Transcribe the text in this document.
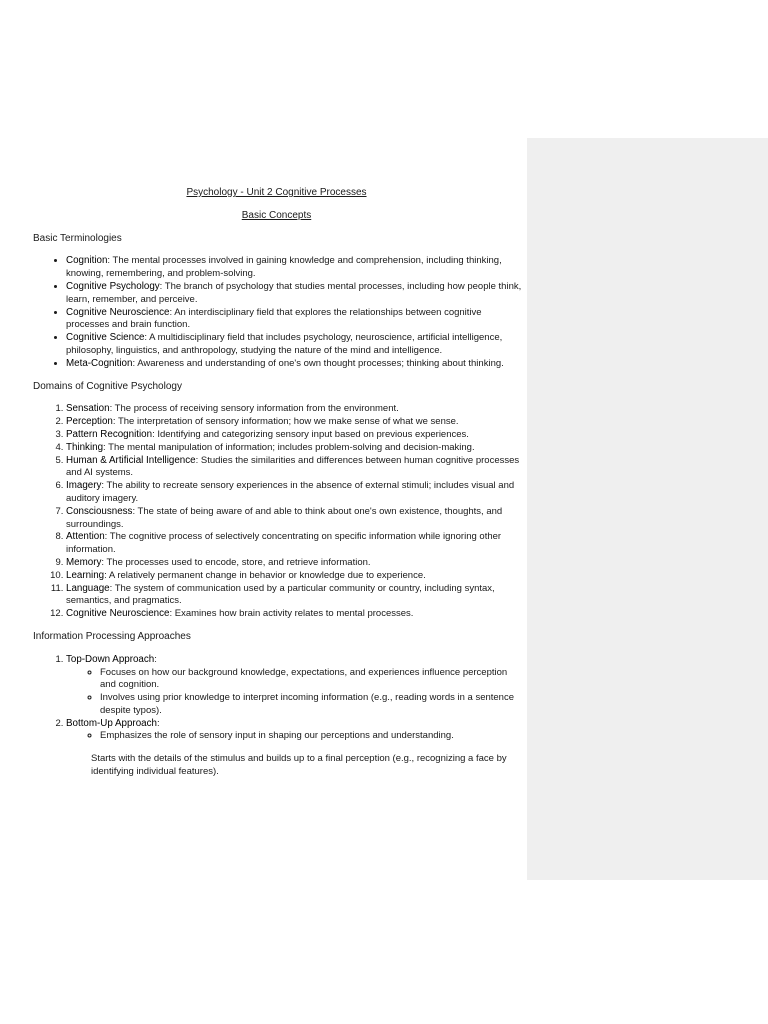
Psychology - Unit 2 Cognitive Processes
Basic Concepts
Basic Terminologies
• Cognition: The mental processes involved in gaining knowledge and comprehension, including thinking, knowing, remembering, and problem-solving.
• Cognitive Psychology: The branch of psychology that studies mental processes, including how people think, learn, remember, and perceive.
• Cognitive Neuroscience: An interdisciplinary field that explores the relationships between cognitive processes and brain function.
• Cognitive Science: A multidisciplinary field that includes psychology, neuroscience, artificial intelligence, philosophy, linguistics, and anthropology, studying the nature of the mind and intelligence.
• Meta-Cognition: Awareness and understanding of one's own thought processes; thinking about thinking.
Domains of Cognitive Psychology
1. Sensation: The process of receiving sensory information from the environment.
2. Perception: The interpretation of sensory information; how we make sense of what we sense.
3. Pattern Recognition: Identifying and categorizing sensory input based on previous experiences.
4. Thinking: The mental manipulation of information; includes problem-solving and decision-making.
5. Human & Artificial Intelligence: Studies the similarities and differences between human cognitive processes and AI systems.
6. Imagery: The ability to recreate sensory experiences in the absence of external stimuli; includes visual and auditory imagery.
7. Consciousness: The state of being aware of and able to think about one's own existence, thoughts, and surroundings.
8. Attention: The cognitive process of selectively concentrating on specific information while ignoring other information.
9. Memory: The processes used to encode, store, and retrieve information.
10. Learning: A relatively permanent change in behavior or knowledge due to experience.
11. Language: The system of communication used by a particular community or country, including syntax, semantics, and pragmatics.
12. Cognitive Neuroscience: Examines how brain activity relates to mental processes.
Information Processing Approaches
1. Top-Down Approach:
◦ Focuses on how our background knowledge, expectations, and experiences influence perception and cognition.
◦ Involves using prior knowledge to interpret incoming information (e.g., reading words in a sentence despite typos).
2. Bottom-Up Approach:
◦ Emphasizes the role of sensory input in shaping our perceptions and understanding.
Starts with the details of the stimulus and builds up to a final perception (e.g., recognizing a face by identifying individual features).
